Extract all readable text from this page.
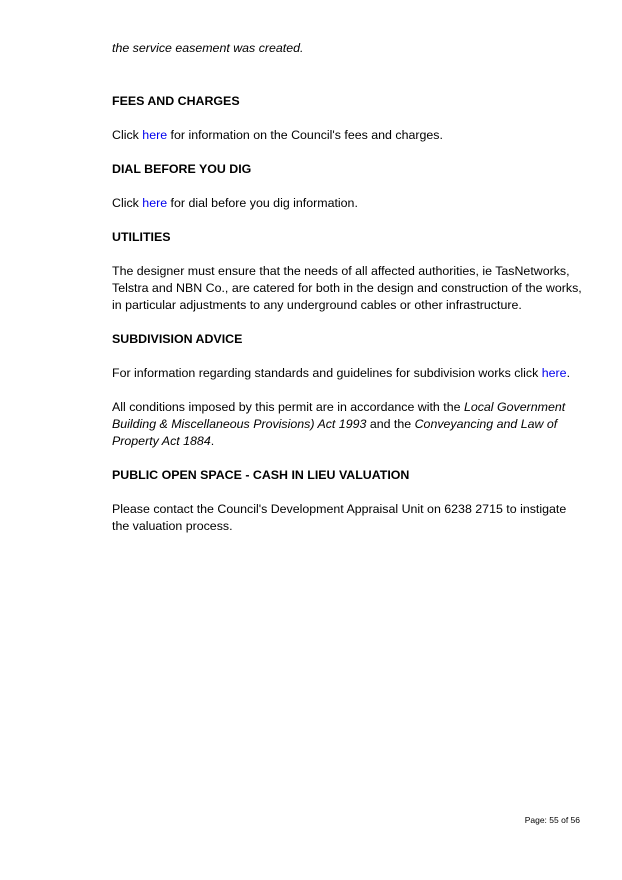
the service easement was created.

FEES AND CHARGES

Click here for information on the Council's fees and charges.

DIAL BEFORE YOU DIG

Click here for dial before you dig information.

UTILITIES

The designer must ensure that the needs of all affected authorities, ie TasNetworks,
Telstra and NBN Co., are catered for both in the design and construction of the works,
in particular adjustments to any underground cables or other infrastructure.

SUBDIVISION ADVICE

For information regarding standards and guidelines for subdivision works click here.

All conditions imposed by this permit are in accordance with the Local Government
Building & Miscellaneous Provisions) Act 1993 and the Conveyancing and Law of
Property Act 1884.

PUBLIC OPEN SPACE - CASH IN LIEU VALUATION

Please contact the Council's Development Appraisal Unit on 6238 2715 to instigate
the valuation process.

Page: 55 of 56
